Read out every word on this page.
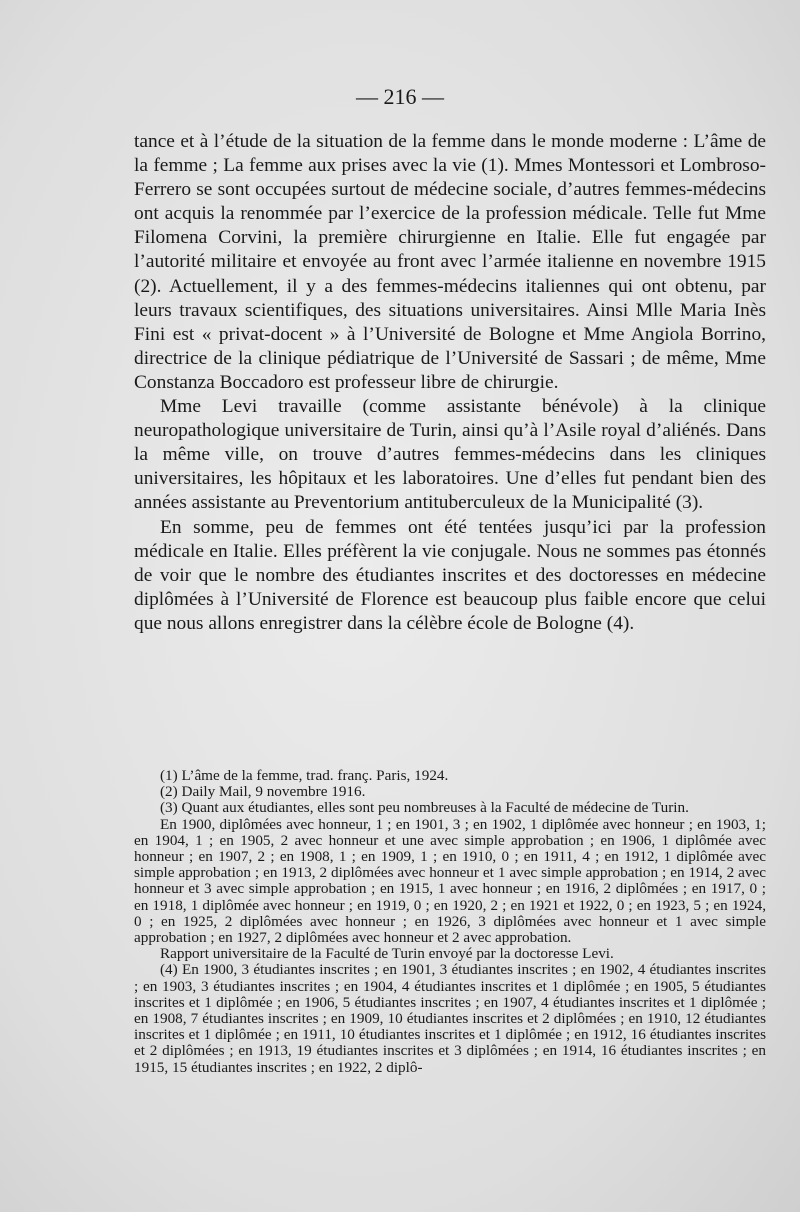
— 216 —

tance et à l’étude de la situation de la femme dans le monde moderne : L’âme de la femme ; La femme aux prises avec la vie (1). Mmes Montessori et Lombroso-Ferrero se sont occupées surtout de médecine sociale, d’autres femmes-médecins ont acquis la renommée par l’exercice de la profession médicale. Telle fut Mme Filomena Corvini, la première chirurgienne en Italie. Elle fut engagée par l’autorité militaire et envoyée au front avec l’armée italienne en novembre 1915 (2). Actuellement, il y a des femmes-médecins italiennes qui ont obtenu, par leurs travaux scientifiques, des situations universitaires. Ainsi Mlle Maria Inès Fini est « privat-docent » à l’Université de Bologne et Mme Angiola Borrino, directrice de la clinique pédiatrique de l’Université de Sassari ; de même, Mme Constanza Boccadoro est professeur libre de chirurgie.

Mme Levi travaille (comme assistante bénévole) à la clinique neuropathologique universitaire de Turin, ainsi qu’à l’Asile royal d’aliénés. Dans la même ville, on trouve d’autres femmes-médecins dans les cliniques universitaires, les hôpitaux et les laboratoires. Une d’elles fut pendant bien des années assistante au Preventorium antituberculeux de la Municipalité (3).

En somme, peu de femmes ont été tentées jusqu’ici par la profession médicale en Italie. Elles préfèrent la vie conjugale. Nous ne sommes pas étonnés de voir que le nombre des étudiantes inscrites et des doctoresses en médecine diplômées à l’Université de Florence est beaucoup plus faible encore que celui que nous allons enregistrer dans la célèbre école de Bologne (4).

(1) L’âme de la femme, trad. franç. Paris, 1924.

(2) Daily Mail, 9 novembre 1916.

(3) Quant aux étudiantes, elles sont peu nombreuses à la Faculté de médecine de Turin.

En 1900, diplômées avec honneur, 1 ; en 1901, 3 ; en 1902, 1 diplômée avec honneur ; en 1903, 1; en 1904, 1 ; en 1905, 2 avec honneur et une avec simple approbation ; en 1906, 1 diplômée avec honneur ; en 1907, 2 ; en 1908, 1 ; en 1909, 1 ; en 1910, 0 ; en 1911, 4 ; en 1912, 1 diplômée avec simple approbation ; en 1913, 2 diplômées avec honneur et 1 avec simple approbation ; en 1914, 2 avec honneur et 3 avec simple approbation ; en 1915, 1 avec honneur ; en 1916, 2 diplômées ; en 1917, 0 ; en 1918, 1 diplômée avec honneur ; en 1919, 0 ; en 1920, 2 ; en 1921 et 1922, 0 ; en 1923, 5 ; en 1924, 0 ; en 1925, 2 diplômées avec honneur ; en 1926, 3 diplômées avec honneur et 1 avec simple approbation ; en 1927, 2 diplômées avec honneur et 2 avec approbation.

Rapport universitaire de la Faculté de Turin envoyé par la doctoresse Levi.

(4) En 1900, 3 étudiantes inscrites ; en 1901, 3 étudiantes inscrites ; en 1902, 4 étudiantes inscrites ; en 1903, 3 étudiantes inscrites ; en 1904, 4 étudiantes inscrites et 1 diplômée ; en 1905, 5 étudiantes inscrites et 1 diplômée ; en 1906, 5 étudiantes inscrites ; en 1907, 4 étudiantes inscrites et 1 diplômée ; en 1908, 7 étudiantes inscrites ; en 1909, 10 étudiantes inscrites et 2 diplômées ; en 1910, 12 étudiantes inscrites et 1 diplômée ; en 1911, 10 étudiantes inscrites et 1 diplômée ; en 1912, 16 étudiantes inscrites et 2 diplômées ; en 1913, 19 étudiantes inscrites et 3 diplômées ; en 1914, 16 étudiantes inscrites ; en 1915, 15 étudiantes inscrites ; en 1922, 2 diplô-
